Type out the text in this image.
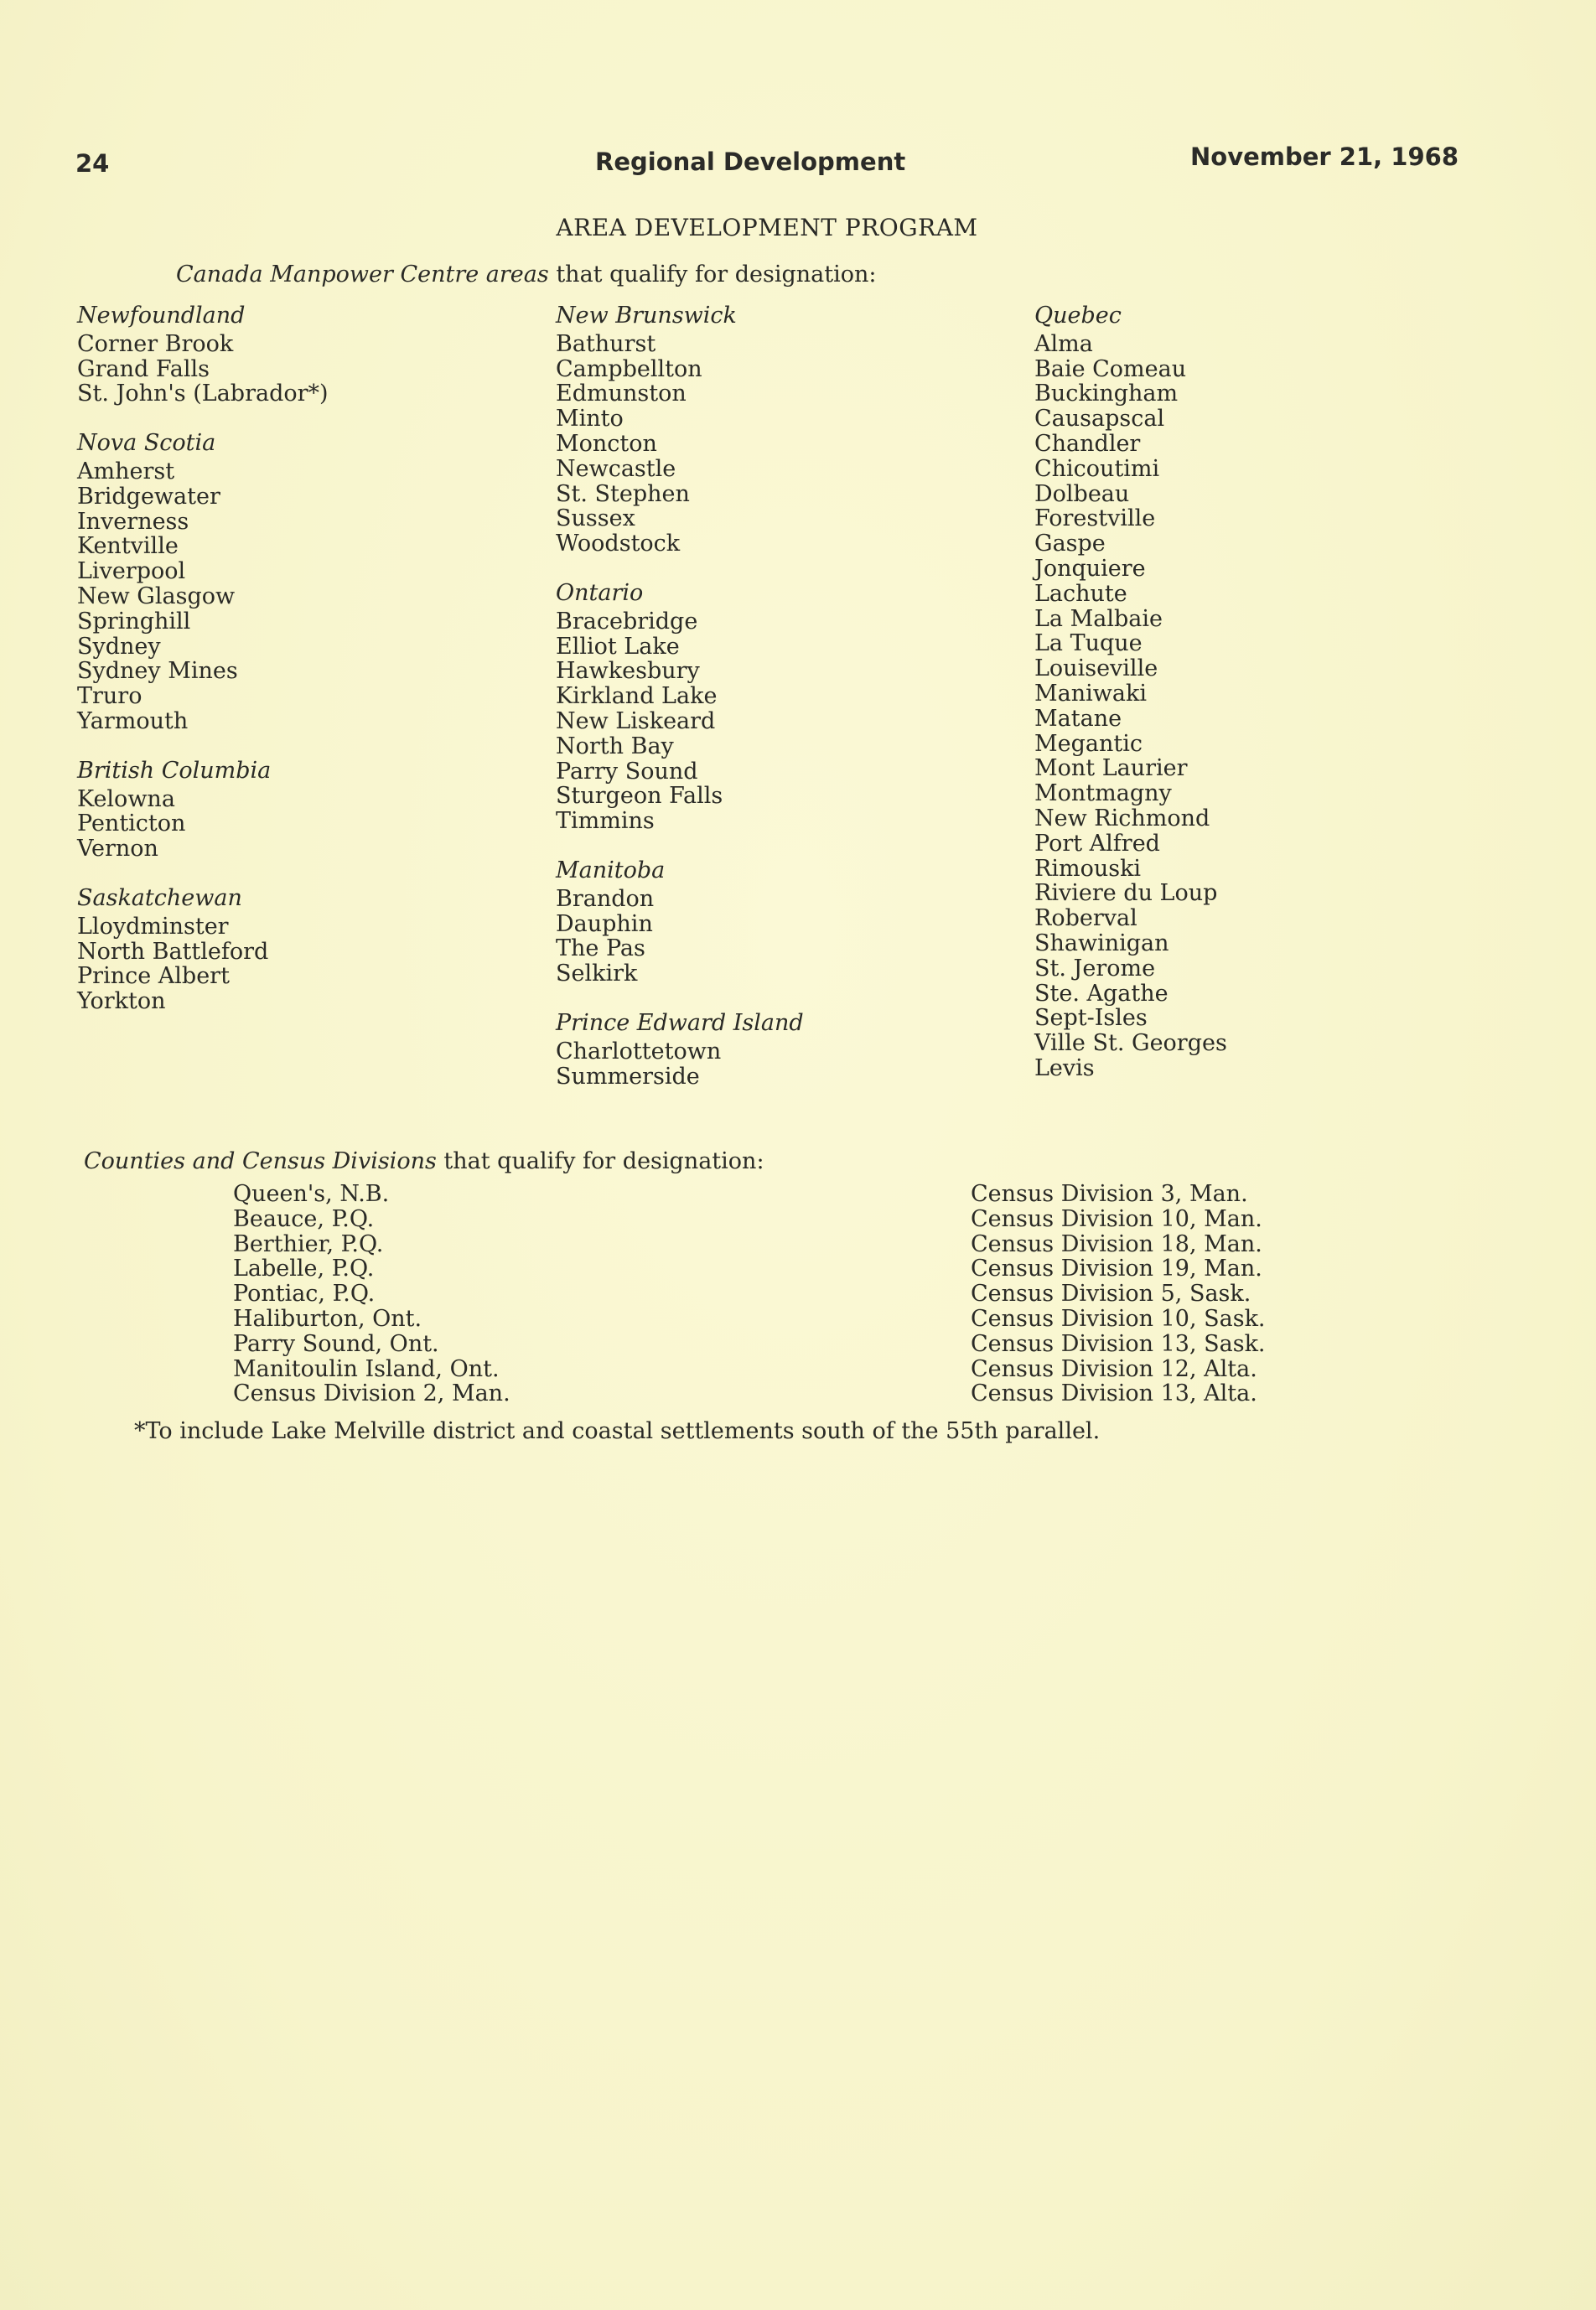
24	Regional Development	November 21, 1968
AREA DEVELOPMENT PROGRAM
Canada Manpower Centre areas that qualify for designation:
Newfoundland
Corner Brook
Grand Falls
St. John's (Labrador*)
Nova Scotia
Amherst
Bridgewater
Inverness
Kentville
Liverpool
New Glasgow
Springhill
Sydney
Sydney Mines
Truro
Yarmouth
British Columbia
Kelowna
Penticton
Vernon
Saskatchewan
Lloydminster
North Battleford
Prince Albert
Yorkton
New Brunswick
Bathurst
Campbellton
Edmunston
Minto
Moncton
Newcastle
St. Stephen
Sussex
Woodstock
Ontario
Bracebridge
Elliot Lake
Hawkesbury
Kirkland Lake
New Liskeard
North Bay
Parry Sound
Sturgeon Falls
Timmins
Manitoba
Brandon
Dauphin
The Pas
Selkirk
Prince Edward Island
Charlottetown
Summerside
Quebec
Alma
Baie Comeau
Buckingham
Causapscal
Chandler
Chicoutimi
Dolbeau
Forestville
Gaspe
Jonquiere
Lachute
La Malbaie
La Tuque
Louiseville
Maniwaki
Matane
Megantic
Mont Laurier
Montmagny
New Richmond
Port Alfred
Rimouski
Riviere du Loup
Roberval
Shawinigan
St. Jerome
Ste. Agathe
Sept-Isles
Ville St. Georges
Levis
Counties and Census Divisions that qualify for designation:
Queen's, N.B.
Beauce, P.Q.
Berthier, P.Q.
Labelle, P.Q.
Pontiac, P.Q.
Haliburton, Ont.
Parry Sound, Ont.
Manitoulin Island, Ont.
Census Division 2, Man.
Census Division 3, Man.
Census Division 10, Man.
Census Division 18, Man.
Census Division 19, Man.
Census Division 5, Sask.
Census Division 10, Sask.
Census Division 13, Sask.
Census Division 12, Alta.
Census Division 13, Alta.
*To include Lake Melville district and coastal settlements south of the 55th parallel.
